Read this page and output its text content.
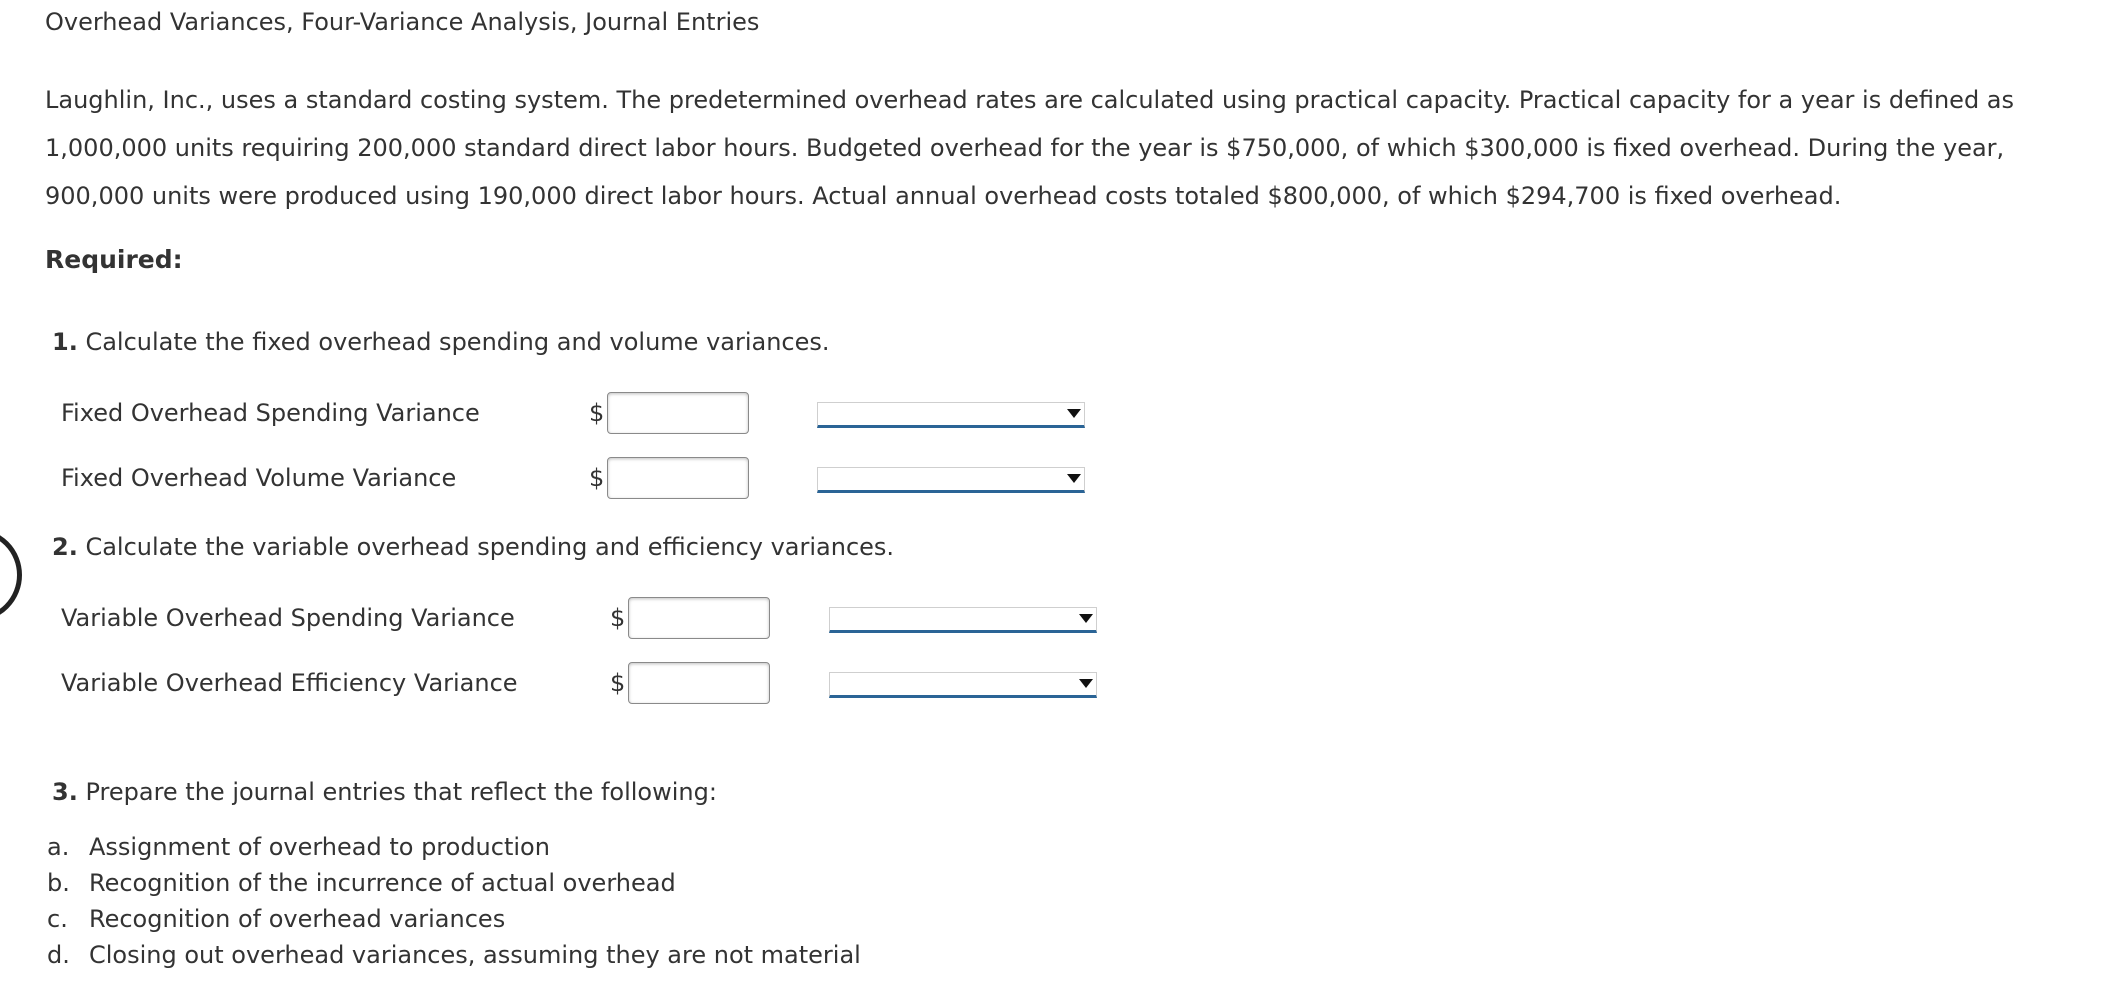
Overhead Variances, Four-Variance Analysis, Journal Entries
Laughlin, Inc., uses a standard costing system. The predetermined overhead rates are calculated using practical capacity. Practical capacity for a year is defined as 1,000,000 units requiring 200,000 standard direct labor hours. Budgeted overhead for the year is $750,000, of which $300,000 is fixed overhead. During the year, 900,000 units were produced using 190,000 direct labor hours. Actual annual overhead costs totaled $800,000, of which $294,700 is fixed overhead.
Required:
1. Calculate the fixed overhead spending and volume variances.
Fixed Overhead Spending Variance	$
Fixed Overhead Volume Variance	$
2. Calculate the variable overhead spending and efficiency variances.
Variable Overhead Spending Variance	$
Variable Overhead Efficiency Variance	$
3. Prepare the journal entries that reflect the following:
a. Assignment of overhead to production
b. Recognition of the incurrence of actual overhead
c. Recognition of overhead variances
d. Closing out overhead variances, assuming they are not material
